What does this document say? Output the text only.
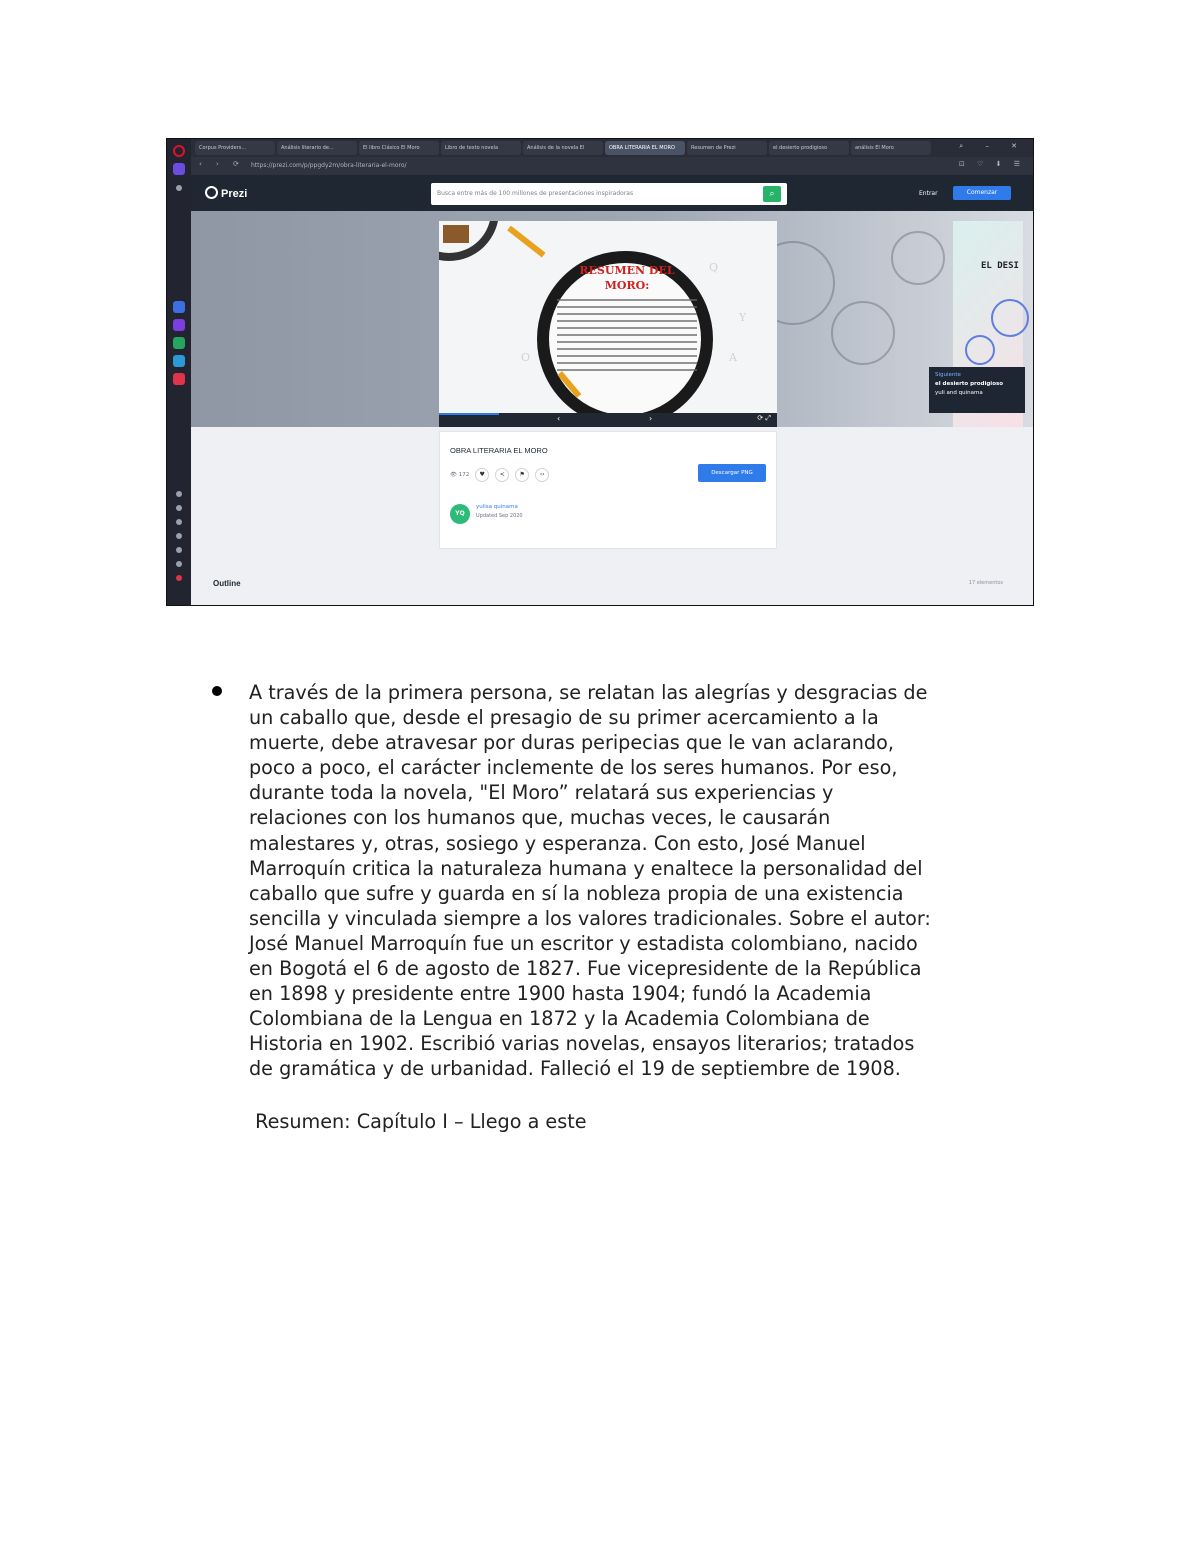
Corpus Providers...	Análisis literario de...	El libro Clásico El Moro	Libro de texto novela	Análisis de la novela El	OBRA LITERARIA EL MORO	Resumen de Prezi	el desierto prodigioso	análisis El Moro	⌕ – ✕
‹ › ⟳ https://prezi.com/p/ppgdy2m/obra-literaria-el-moro/	⊡ ♡ ⬇ ☰
Prezi	Busca entre más de 100 millones de presentaciones inspiradoras	⌕	Entrar	Comenzar
Q
Y
A
O
RESUMEN DEL MORO:
‹	›	⟳ ⤢
EL DESI
Siguiente
el desierto prodigioso
yuli and quinama
OBRA LITERARIA EL MORO
👁 172	♥	<	⚑	‹›	Descargar PNG
YQ
yulisa quinama
Updated Sep 2020
Outline	17 elementos
A través de la primera persona, se relatan las alegrías y desgracias de
un caballo que, desde el presagio de su primer acercamiento a la
muerte, debe atravesar por duras peripecias que le van aclarando,
poco a poco, el carácter inclemente de los seres humanos. Por eso,
durante toda la novela, "El Moro” relatará sus experiencias y
relaciones con los humanos que, muchas veces, le causarán
malestares y, otras, sosiego y esperanza. Con esto, José Manuel
Marroquín critica la naturaleza humana y enaltece la personalidad del
caballo que sufre y guarda en sí la nobleza propia de una existencia
sencilla y vinculada siempre a los valores tradicionales. Sobre el autor:
José Manuel Marroquín fue un escritor y estadista colombiano, nacido
en Bogotá el 6 de agosto de 1827. Fue vicepresidente de la República
en 1898 y presidente entre 1900 hasta 1904; fundó la Academia
Colombiana de la Lengua en 1872 y la Academia Colombiana de
Historia en 1902. Escribió varias novelas, ensayos literarios; tratados
de gramática y de urbanidad. Falleció el 19 de septiembre de 1908.
Resumen: Capítulo I – Llego a este
